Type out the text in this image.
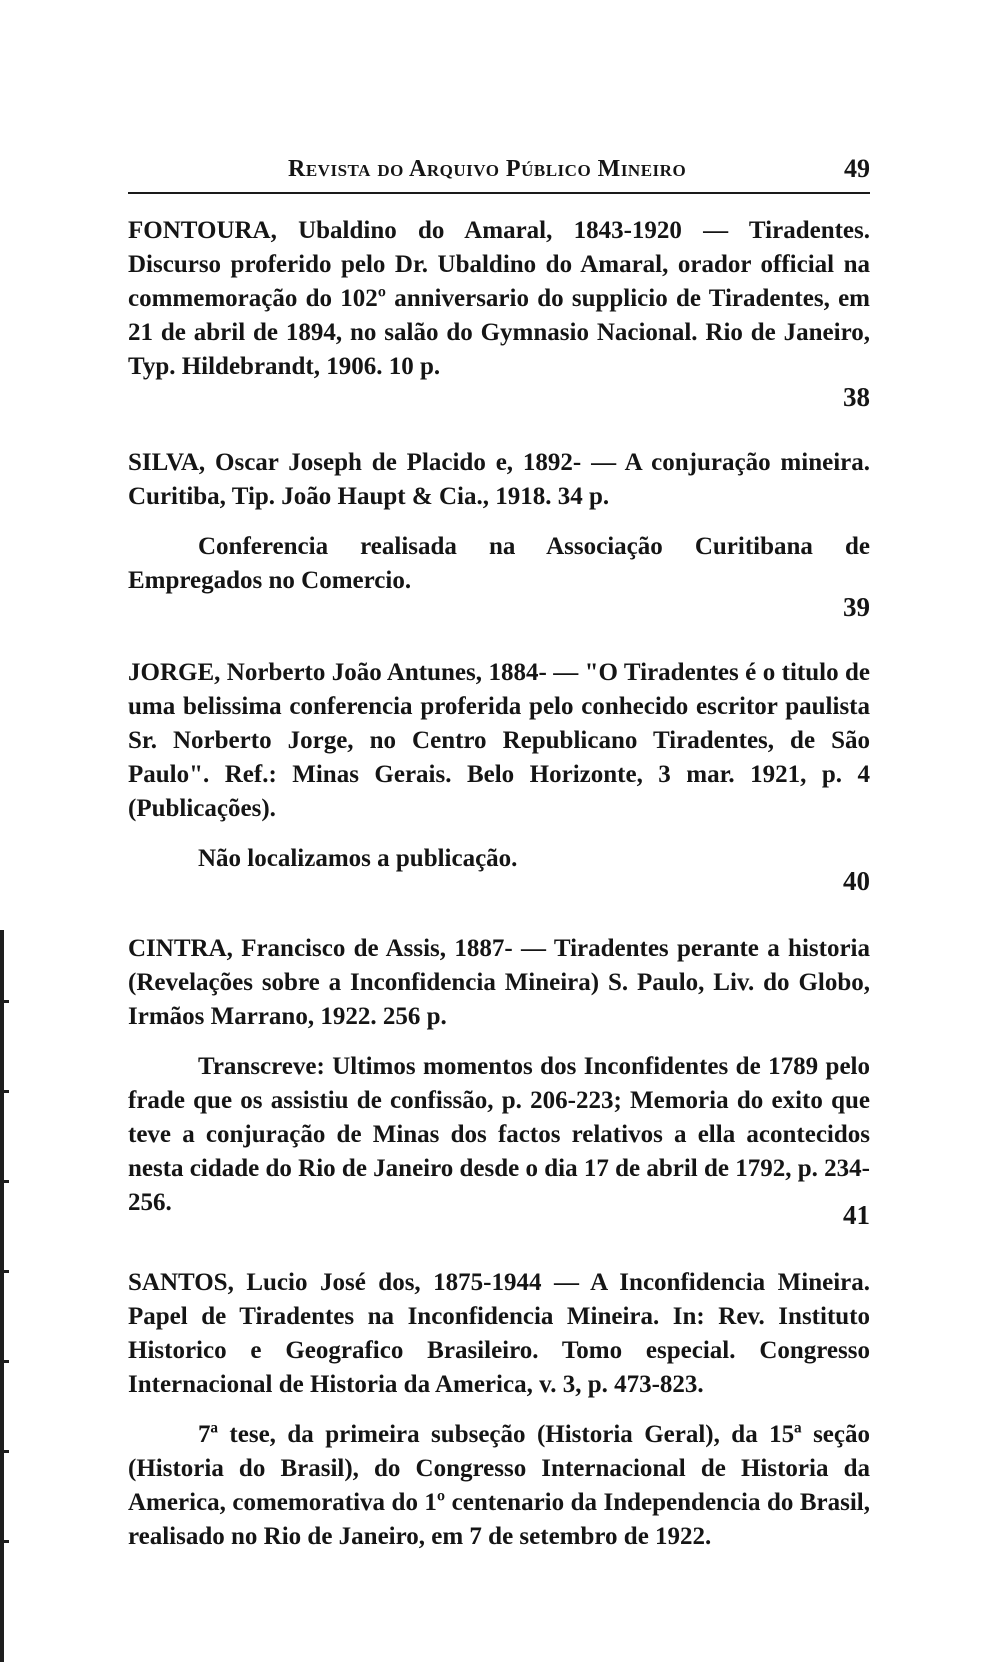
Revista do Arquivo Público Mineiro	49

FONTOURA, Ubaldino do Amaral, 1843-1920 — Tiradentes. Discurso proferido pelo Dr. Ubaldino do Amaral, orador official na commemoração do 102º anniversario do supplicio de Tiradentes, em 21 de abril de 1894, no salão do Gymnasio Nacional. Rio de Janeiro, Typ. Hildebrandt, 1906. 10 p.

38

SILVA, Oscar Joseph de Placido e, 1892- — A conjuração mineira. Curitiba, Tip. João Haupt & Cia., 1918. 34 p.

Conferencia realisada na Associação Curitibana de Empregados no Comercio.

39

JORGE, Norberto João Antunes, 1884- — "O Tiradentes é o titulo de uma belissima conferencia proferida pelo conhecido escritor paulista Sr. Norberto Jorge, no Centro Republicano Tiradentes, de São Paulo". Ref.: Minas Gerais. Belo Horizonte, 3 mar. 1921, p. 4 (Publicações).

Não localizamos a publicação.

40

CINTRA, Francisco de Assis, 1887- — Tiradentes perante a historia (Revelações sobre a Inconfidencia Mineira) S. Paulo, Liv. do Globo, Irmãos Marrano, 1922. 256 p.

Transcreve: Ultimos momentos dos Inconfidentes de 1789 pelo frade que os assistiu de confissão, p. 206-223; Memoria do exito que teve a conjuração de Minas dos factos relativos a ella acontecidos nesta cidade do Rio de Janeiro desde o dia 17 de abril de 1792, p. 234-256.	41

SANTOS, Lucio José dos, 1875-1944 — A Inconfidencia Mineira. Papel de Tiradentes na Inconfidencia Mineira. In: Rev. Instituto Historico e Geografico Brasileiro. Tomo especial. Congresso Internacional de Historia da America, v. 3, p. 473-823.

7ª tese, da primeira subseção (Historia Geral), da 15ª seção (Historia do Brasil), do Congresso Internacional de Historia da America, comemorativa do 1º centenario da Independencia do Brasil, realisado no Rio de Janeiro, em 7 de setembro de 1922.
